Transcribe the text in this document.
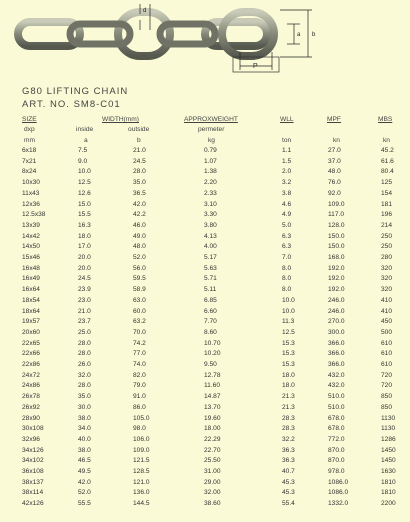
d
a b
P
G80 LIFTING CHAIN
ART. NO. SM8-C01
SIZE	WIDTH(mm)	APPROXWEIGHT	WLL	MPF	MBS
dxp	inside	outside	permeter
mm	a	b	kg	ton	kn	kn
6x18	7.5	21.0	0.79	1.1	27.0	45.2
7x21	9.0	24.5	1.07	1.5	37.0	61.6
8x24	10.0	28.0	1.38	2.0	48.0	80.4
10x30	12.5	35.0	2.20	3.2	76.0	125
11x43	12.6	36.5	2.33	3.8	92.0	154
12x36	15.0	42.0	3.10	4.6	109.0	181
12.5x38	15.5	42.2	3.30	4.9	117.0	196
13x39	16.3	46.0	3.80	5.0	128.0	214
14x42	18.0	49.0	4.13	6.3	150.0	250
14x50	17.0	48.0	4.00	6.3	150.0	250
15x46	20.0	52.0	5.17	7.0	168.0	280
16x48	20.0	56.0	5.63	8.0	192.0	320
16x49	24.5	59.5	5.71	8.0	192.0	320
16x64	23.9	58.9	5.11	8.0	192.0	320
18x54	23.0	63.0	6.85	10.0	246.0	410
18x64	21.0	60.0	6.60	10.0	246.0	410
19x57	23.7	63.2	7.70	11.3	270.0	450
20x60	25.0	70.0	8.60	12.5	300.0	500
22x65	28.0	74.2	10.70	15.3	366.0	610
22x66	28.0	77.0	10.20	15.3	366.0	610
22x86	26.0	74.0	9.50	15.3	366.0	610
24x72	32.0	82.0	12.78	18.0	432.0	720
24x86	28.0	79.0	11.60	18.0	432.0	720
26x78	35.0	91.0	14.87	21.3	510.0	850
26x92	30.0	86.0	13.70	21.3	510.0	850
28x90	38.0	105.0	19.60	28.3	678.0	1130
30x108	34.0	98.0	18.00	28.3	678.0	1130
32x96	40.0	106.0	22.29	32.2	772.0	1286
34x126	38.0	109.0	22.70	36.3	870.0	1450
34x102	46.5	121.5	25.50	36.3	870.0	1450
36x108	49.5	128.5	31.00	40.7	978.0	1630
38x137	42.0	121.0	29.00	45.3	1086.0	1810
38x114	52.0	136.0	32.00	45.3	1086.0	1810
42x126	55.5	144.5	38.60	55.4	1332.0	2200
